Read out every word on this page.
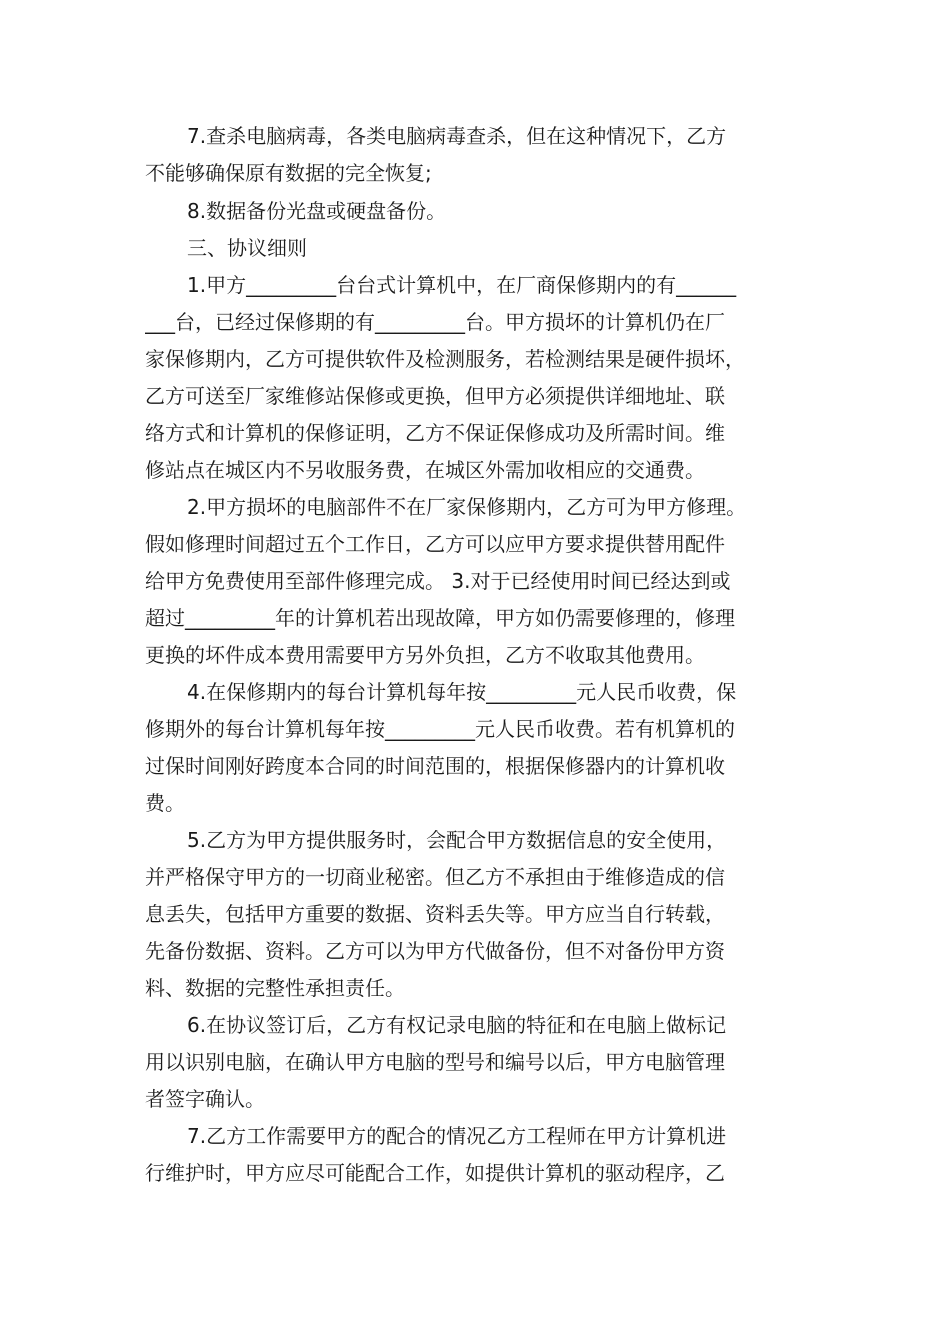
7.查杀电脑病毒，各类电脑病毒查杀，但在这种情况下，乙方
不能够确保原有数据的完全恢复;
8.数据备份光盘或硬盘备份。
三、协议细则
1.甲方_________台台式计算机中，在厂商保修期内的有______
___台，已经过保修期的有_________台。甲方损坏的计算机仍在厂
家保修期内，乙方可提供软件及检测服务，若检测结果是硬件损坏，
乙方可送至厂家维修站保修或更换，但甲方必须提供详细地址、联
络方式和计算机的保修证明，乙方不保证保修成功及所需时间。维
修站点在城区内不另收服务费，在城区外需加收相应的交通费。
2.甲方损坏的电脑部件不在厂家保修期内，乙方可为甲方修理。
假如修理时间超过五个工作日，乙方可以应甲方要求提供替用配件
给甲方免费使用至部件修理完成。 3.对于已经使用时间已经达到或
超过_________年的计算机若出现故障，甲方如仍需要修理的，修理
更换的坏件成本费用需要甲方另外负担，乙方不收取其他费用。
4.在保修期内的每台计算机每年按_________元人民币收费，保
修期外的每台计算机每年按_________元人民币收费。若有机算机的
过保时间刚好跨度本合同的时间范围的，根据保修器内的计算机收
费。
5.乙方为甲方提供服务时，会配合甲方数据信息的安全使用，
并严格保守甲方的一切商业秘密。但乙方不承担由于维修造成的信
息丢失，包括甲方重要的数据、资料丢失等。甲方应当自行转载，
先备份数据、资料。乙方可以为甲方代做备份，但不对备份甲方资
料、数据的完整性承担责任。
6.在协议签订后，乙方有权记录电脑的特征和在电脑上做标记
用以识别电脑，在确认甲方电脑的型号和编号以后，甲方电脑管理
者签字确认。
7.乙方工作需要甲方的配合的情况乙方工程师在甲方计算机进
行维护时，甲方应尽可能配合工作，如提供计算机的驱动程序，乙
